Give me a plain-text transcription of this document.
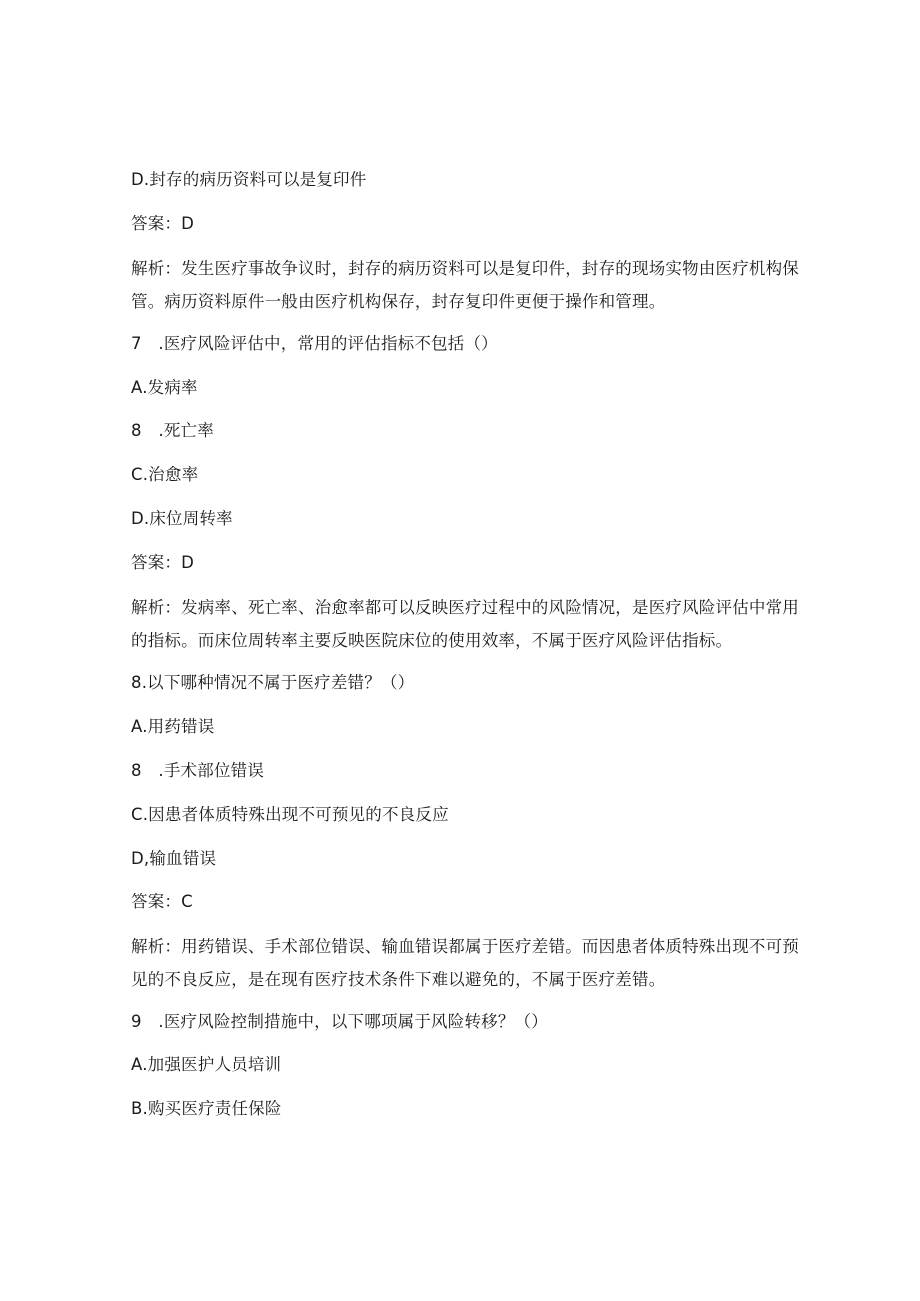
D.封存的病历资料可以是复印件
答案：D
解析：发生医疗事故争议时，封存的病历资料可以是复印件，封存的现场实物由医疗机构保管。病历资料原件一般由医疗机构保存，封存复印件更便于操作和管理。
7　.医疗风险评估中，常用的评估指标不包括（）
A.发病率
8　.死亡率
C.治愈率
D.床位周转率
答案：D
解析：发病率、死亡率、治愈率都可以反映医疗过程中的风险情况，是医疗风险评估中常用的指标。而床位周转率主要反映医院床位的使用效率，不属于医疗风险评估指标。
8.以下哪种情况不属于医疗差错？（）
A.用药错误
8　.手术部位错误
C.因患者体质特殊出现不可预见的不良反应
D,输血错误
答案：C
解析：用药错误、手术部位错误、输血错误都属于医疗差错。而因患者体质特殊出现不可预见的不良反应，是在现有医疗技术条件下难以避免的，不属于医疗差错。
9　.医疗风险控制措施中，以下哪项属于风险转移？（）
A.加强医护人员培训
B.购买医疗责任保险
